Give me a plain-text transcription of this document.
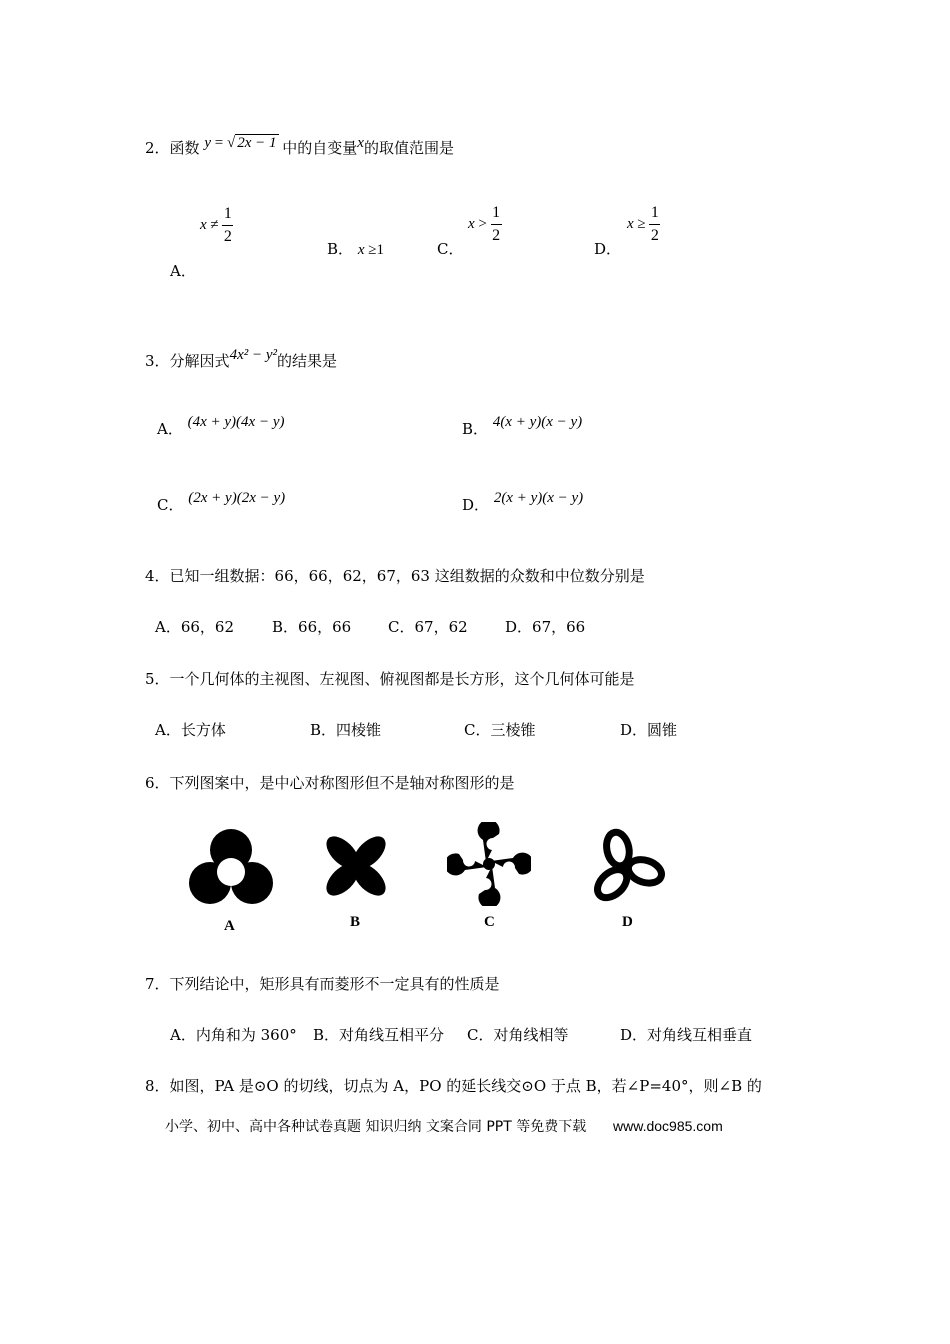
2．函数 y = √ 2x − 1 中的自变量x的取值范围是
$x \ne \frac{1}{2}$
A．
B． x ≥1	C．
$x > \frac{1}{2}$
D．
$x \ge \frac{1}{2}$
3．分解因式4x² − y²的结果是
A． (4x + y)(4x − y)	B． 4(x + y)(x − y)
C． (2x + y)(2x − y)	D． 2(x + y)(x − y)
4．已知一组数据：66，66，62，67，63 这组数据的众数和中位数分别是
A．66，62	B．66，66 C．67，62 D．67，66
5．一个几何体的主视图、左视图、俯视图都是长方形，这个几何体可能是
A．长方体	B．四棱锥	C．三棱锥	D．圆锥
6．下列图案中，是中心对称图形但不是轴对称图形的是
A	B	C	D
7．下列结论中，矩形具有而菱形不一定具有的性质是
A．内角和为 360° B．对角线互相平分 C．对角线相等	D．对角线互相垂直
8．如图，PA 是⊙O 的切线，切点为 A，PO 的延长线交⊙O 于点 B，若∠P=40°，则∠B 的
小学、初中、高中各种试卷真题 知识归纳 文案合同 PPT 等免费下载 www.doc985.com
